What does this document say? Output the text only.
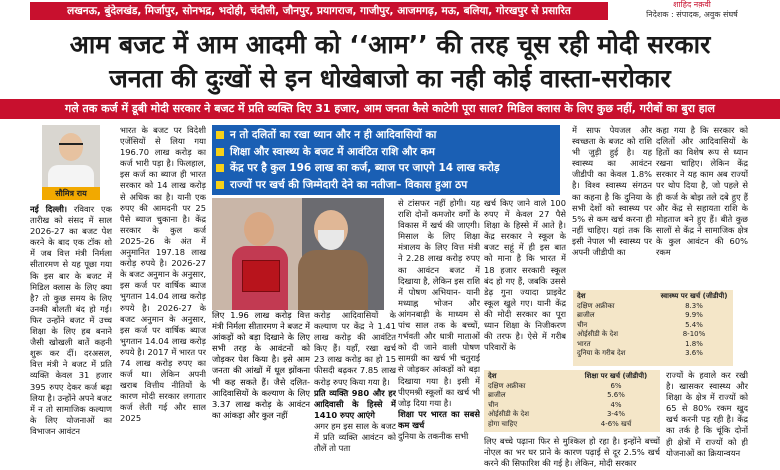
लखनऊ, बुंदेलखंड, मिर्जापुर, सोनभद्र, भदोही, चंदौली, जौनपुर, प्रयागराज, गाजीपुर, आजमगढ़, मऊ, बलिया, गोरखपुर से प्रसारित
शाहिद नक़वी
निदेशक : संपादक, अवुक संघर्ष
आम बजट में आम आदमी को ‘‘आम’’ की तरह चूस रही मोदी सरकार
जनता की दुःखों से इन धोखेबाजो का नही कोई वास्ता-सरोकार
गले तक कर्ज में डूबी मोदी सरकार ने बजट में प्रति व्यक्ति दिए 31 हजार, आम जनता कैसे काटेगी पूरा साल? मिडिल क्लास के लिए कुछ नहीं, गरीबों का बुरा हाल
सौमित्र राय
नई दिल्ली। रविवार एक तारीख को संसद में साल 2026-27 का बजट पेश करने के बाद एक टॉक शो में जब वित्त मंत्री निर्मला सीतारमण से यह पूछा गया कि इस बार के बजट में मिडिल क्लास के लिए क्या है? तो कुछ समय के लिए उनकी बोलती बंद हो गई। फिर उन्होंने बजट में उच्च शिक्षा के लिए हब बनाने जैसी खोखली बातें कहनी शुरू कर दीं। दरअसल, वित्त मंत्री ने बजट में प्रति व्यक्ति केवल 31 हजार 395 रुपए देकर कर्ज बढ़ा लिया है। उन्होंने अपने बजट में न तो सामाजिक कल्याण के लिए योजनाओं का विभाजन आवंटन
भारत के बजट पर विदेशी एजेंसियों से लिया गया 196.70 लाख करोड़ का कर्ज भारी पड़ा है। फिलहाल, इस कर्ज का ब्याज ही भारत सरकार को 14 लाख करोड़ से अधिक का है। यानी एक रुपए की आमदनी पर 25 पैसे ब्याज चुकाना है। केंद्र सरकार के कुल कर्ज 2025-26 के अंत में अनुमानित 197.18 लाख करोड़ रुपये है। 2026-27 के बजट अनुमान के अनुसार, इस कर्ज पर वार्षिक ब्याज भुगतान 14.04 लाख करोड़ रुपये है। 2026-27 के बजट अनुमान के अनुसार, इस कर्ज पर वार्षिक ब्याज भुगतान 14.04 लाख करोड़ रुपये है। 2017 में भारत पर 74 लाख करोड़ रुपए का कर्ज था। लेकिन अपनी खराब वित्तीय नीतियों के कारण मोदी सरकार लगातार कर्ज लेती गई और साल 2025
न तो दलितों का रखा ध्यान और न ही आदिवासियों का
शिक्षा और स्वास्थ्य के बजट में आवंटित राशि और कम
केंद्र पर है कुल 196 लाख का कर्ज, ब्याज पर जाएगे 14 लाख करोड़
राज्यों पर खर्च की जिम्मेदारी देने का नतीजा– विकास हुआ ठप
लिए 1.96 लाख करोड़ वित्त मंत्री निर्मला सीतारमण ने बजट में आंकड़ों को बड़ा दिखाने के लिए सभी तरह के आवंटनों को जोड़कर पेश किया है। इसे आम जनता की आंखों में धूल झोंकना भी कह सकते हैं। जैसे दलित-आदिवासियों के कल्याण के लिए 3.37 लाख करोड़ के आवंटन का आंकड़ा और कुल नहीं
करोड़ आदिवासियों के कल्याण पर केंद्र ने 1.41 लाख करोड़ की आवंटित किए हैं। यहाँ, रखा खर्च 23 लाख करोड़ का हो 15 फीसदी बढ़कर 7.85 लाख करोड़ रुपए किया गया है।
प्रति व्यक्ति 980 और हर आदिवासी के हिस्से में 1410 रुपए आएंगे
अगर हम इस साल के बजट में प्रति व्यक्ति आवंटन को तौलें तो पता
से टांसफर नहीं होगी। यह राशि दोनों कमजोर वर्गों के विकास में खर्च की जाएगी। मिसाल के लिए शिक्षा मंत्रालय के लिए वित्त मंत्री ने 2.28 लाख करोड़ रुपए का आवंटन बजट में दिखाया है, लेकिन इस राशि में पोषण अभियान- यानी मध्याह्न भोजन और आंगनबाड़ी के माध्यम से पांच साल तक के बच्चों, गर्भवती और धात्री माताओं को दी जाने वाली पोषण सामग्री का खर्च भी चतुराई से जोड़कर आंकड़ों को बड़ा दिखाया गया है। इसी में पीएमश्री स्कूलों का खर्च भी जोड़ दिया गया है।
शिक्षा पर भारत का सबसे कम खर्च
दुनिया के तकनीक सभी
खर्च किए जाने वाले 100 रुपए में केवल 27 पैसे शिक्षा के हिस्से में आते है। केंद्र सरकार ने स्कूल के बजट सहूं में ही इस बात को माना है कि भारत में 18 हजार सरकारी स्कूल बंद हो गए हैं, जबकि उससे डेढ़ गुना ज्यादा प्राइवेट स्कूल खुले गए। यानी केंद्र की मोदी सरकार का पूरा ध्यान शिक्षा के निजीकरण की तरफ है। ऐसे में गरीब परिवारों के
लिए बच्चे पढ़ाना फिर से मुश्किल हो रहा है। इन्होंने बच्चों नोएल का भर घर प्राने के कारण पढ़ाई से दूर 2.5% खर्च करने की सिफारिश की गई है। लेकिन, मोदी सरकार
में साफ पेयजल और स्वच्छता के बजट को राशि भी जुड़ी हुई है। यह स्वास्थ्य का आवंटन जीडीपी का केवल 1.8% है। विश्व स्वास्थ्य संगठन का कहना है कि दुनिया के सभी देशों को स्वास्थ्य पर 5% से कम खर्च करना ही नहीं चाहिए। यहां तक कि इसी नेपाल भी स्वास्थ्य पर अपनी जीडीपी का
कहा गया है कि सरकार को दलितों और आदिवासियों के हितों का विशेष रूप से ध्यान रखना चाहिए। लेकिन केंद्र सरकार ने यह काम अब राज्यों पर थोप दिया है, जो पहले से ही कर्ज के बोझ तले दबे हुए हैं और केंद्र से सहायता राशि के मोहताज बने हुए हैं। बीते कुछ सालों से केंद्र ने सामाजिक क्षेत्र के कुल आवंटन की 60% रकम
राज्यों के हवाले कर रखी है। खासकर स्वास्थ्य और शिक्षा के क्षेत्र में राज्यों को 65 से 80% रकम खुद खर्च करनी पड़ रही है। केंद्र का तर्क है कि चूंकि दोनों ही क्षेत्रों में राज्यों को ही योजनाओं का क्रियान्वयन
देश	स्वास्थ्य पर खर्च (जीडीपी)
दक्षिण अफ्रीका	8.3%
ब्राजील	9.9%
चीन	5.4%
ओईसीडी के देश	8-10%
भारत	1.8%
दुनिया के गरीब देश	3.6%
देश	शिक्षा पर खर्च (जीडीपी)
दक्षिण अफ्रीका	6%
ब्राजील	5.6%
चीन	4%
ओईसीडी के देश	3-4%
होगा चाहिए	4-6% खर्च
